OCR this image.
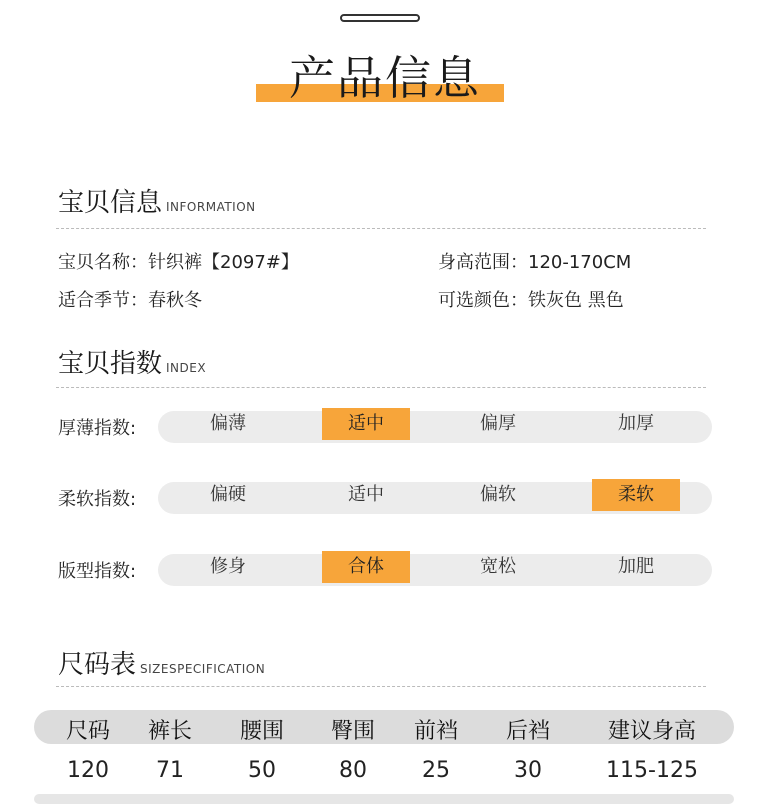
产品信息
宝贝信息 INFORMATION
宝贝名称：针织裤【2097#】	身高范围：120-170CM
适合季节：春秋冬	可选颜色：铁灰色 黑色
宝贝指数 INDEX
厚薄指数:	偏薄	适中	偏厚	加厚
柔软指数:	偏硬	适中	偏软	柔软
版型指数:	修身	合体	宽松	加肥
尺码表 SIZESPECIFICATION
尺码	裤长	腰围	臀围	前裆	后裆	建议身高
120	71	50	80	25	30	115-125
